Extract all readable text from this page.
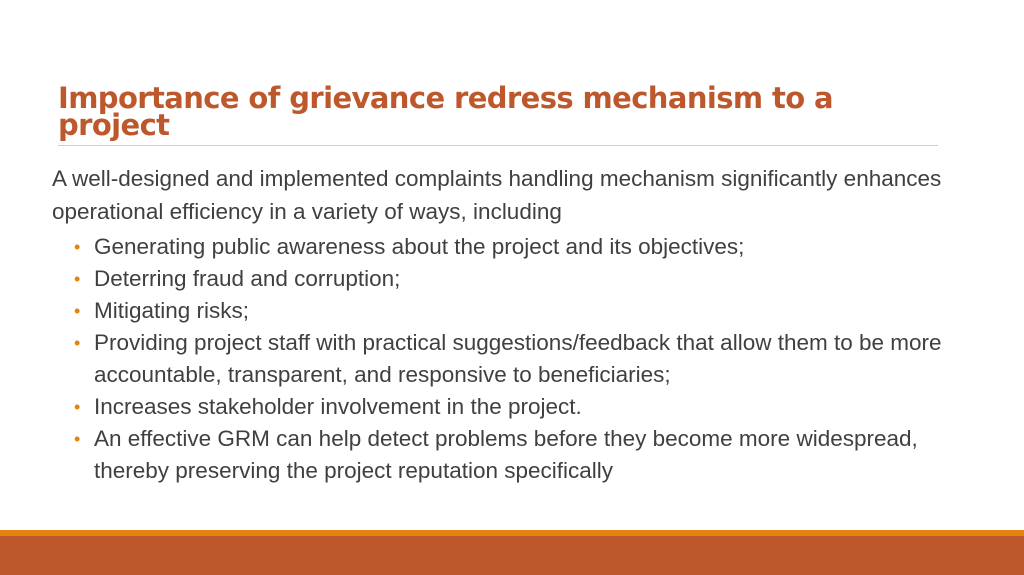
Importance of grievance redress mechanism to a project

A well-designed and implemented complaints handling mechanism significantly enhances operational efficiency in a variety of ways, including

• Generating public awareness about the project and its objectives;
• Deterring fraud and corruption;
• Mitigating risks;
• Providing project staff with practical suggestions/feedback that allow them to be more accountable, transparent, and responsive to beneficiaries;
• Increases stakeholder involvement in the project.
• An effective GRM can help detect problems before they become more widespread, thereby preserving the project reputation specifically
